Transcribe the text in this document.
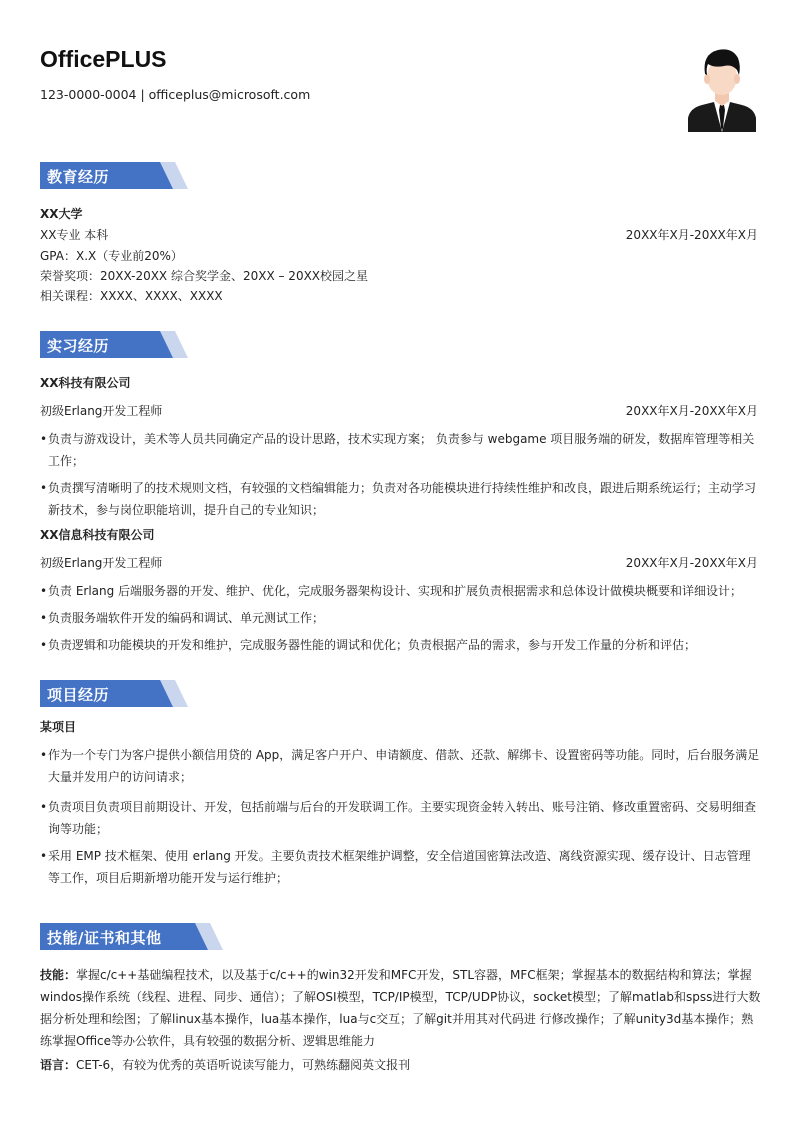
OfficePLUS
123-0000-0004 | officeplus@microsoft.com
教育经历
XX大学
XX专业 本科	20XX年X月-20XX年X月
GPA：X.X（专业前20%）
荣誉奖项：20XX-20XX 综合奖学金、20XX – 20XX校园之星
相关课程：XXXX、XXXX、XXXX
实习经历
XX科技有限公司
初级Erlang开发工程师	20XX年X月-20XX年X月
• 负责与游戏设计，美术等人员共同确定产品的设计思路，技术实现方案； 负责参与 webgame 项目服务端的研发，数据库管理等相关工作；
• 负责撰写清晰明了的技术规则文档，有较强的文档编辑能力；负责对各功能模块进行持续性维护和改良，跟进后期系统运行；主动学习新技术，参与岗位职能培训，提升自己的专业知识；
XX信息科技有限公司
初级Erlang开发工程师	20XX年X月-20XX年X月
• 负责 Erlang 后端服务器的开发、维护、优化，完成服务器架构设计、实现和扩展负责根据需求和总体设计做模块概要和详细设计；
• 负责服务端软件开发的编码和调试、单元测试工作；
• 负责逻辑和功能模块的开发和维护，完成服务器性能的调试和优化；负责根据产品的需求，参与开发工作量的分析和评估；
项目经历
某项目
• 作为一个专门为客户提供小额信用贷的 App，满足客户开户、申请额度、借款、还款、解绑卡、设置密码等功能。同时，后台服务满足大量并发用户的访问请求；
• 负责项目负责项目前期设计、开发，包括前端与后台的开发联调工作。主要实现资金转入转出、账号注销、修改重置密码、交易明细查询等功能；
• 采用 EMP 技术框架、使用 erlang 开发。主要负责技术框架维护调整，安全信道国密算法改造、离线资源实现、缓存设计、日志管理等工作，项目后期新增功能开发与运行维护；
技能/证书和其他
技能：掌握c/c++基础编程技术，以及基于c/c++的win32开发和MFC开发，STL容器，MFC框架；掌握基本的数据结构和算法；掌握windos操作系统（线程、进程、同步、通信）；了解OSI模型，TCP/IP模型，TCP/UDP协议，socket模型；了解matlab和spss进行大数据分析处理和绘图；了解linux基本操作，lua基本操作，lua与c交互；了解git并用其对代码进 行修改操作；了解unity3d基本操作；熟练掌握Office等办公软件，具有较强的数据分析、逻辑思维能力
语言：CET-6，有较为优秀的英语听说读写能力，可熟练翻阅英文报刊
